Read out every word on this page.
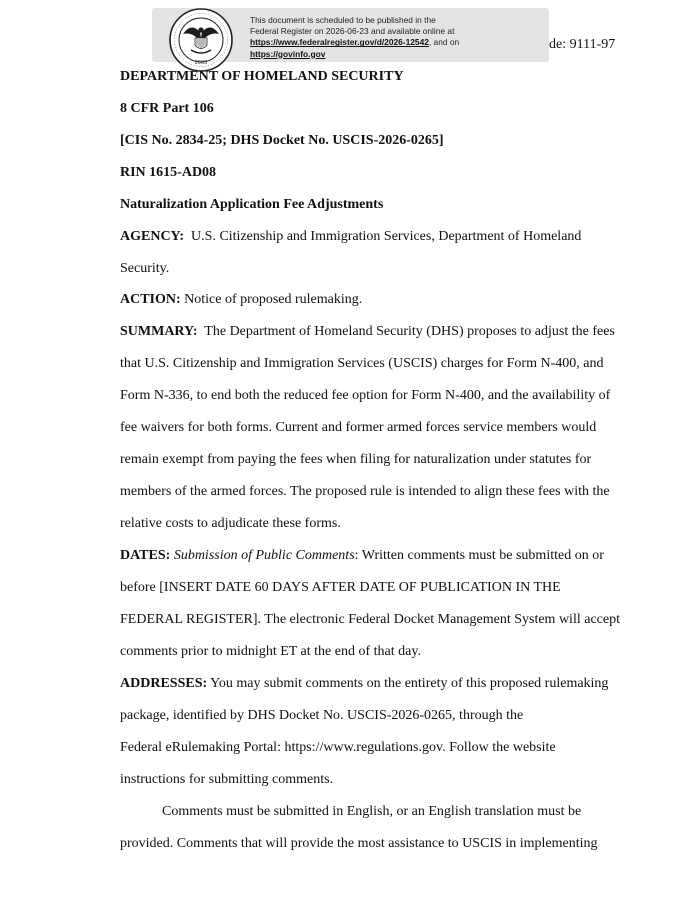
2003
This document is scheduled to be published in the
Federal Register on 2026-06-23 and available online at
https://www.federalregister.gov/d/2026-12542, and on
https://govinfo.gov
de: 9111-97
DEPARTMENT OF HOMELAND SECURITY
8 CFR Part 106
[CIS No. 2834-25; DHS Docket No. USCIS-2026-0265]
RIN 1615-AD08
Naturalization Application Fee Adjustments
AGENCY: U.S. Citizenship and Immigration Services, Department of Homeland
Security.
ACTION: Notice of proposed rulemaking.
SUMMARY: The Department of Homeland Security (DHS) proposes to adjust the fees
that U.S. Citizenship and Immigration Services (USCIS) charges for Form N-400, and
Form N-336, to end both the reduced fee option for Form N-400, and the availability of
fee waivers for both forms. Current and former armed forces service members would
remain exempt from paying the fees when filing for naturalization under statutes for
members of the armed forces. The proposed rule is intended to align these fees with the
relative costs to adjudicate these forms.
DATES: Submission of Public Comments: Written comments must be submitted on or
before [INSERT DATE 60 DAYS AFTER DATE OF PUBLICATION IN THE
FEDERAL REGISTER]. The electronic Federal Docket Management System will accept
comments prior to midnight ET at the end of that day.
ADDRESSES: You may submit comments on the entirety of this proposed rulemaking
package, identified by DHS Docket No. USCIS-2026-0265, through the
Federal eRulemaking Portal: https://www.regulations.gov. Follow the website
instructions for submitting comments.
Comments must be submitted in English, or an English translation must be
provided. Comments that will provide the most assistance to USCIS in implementing
